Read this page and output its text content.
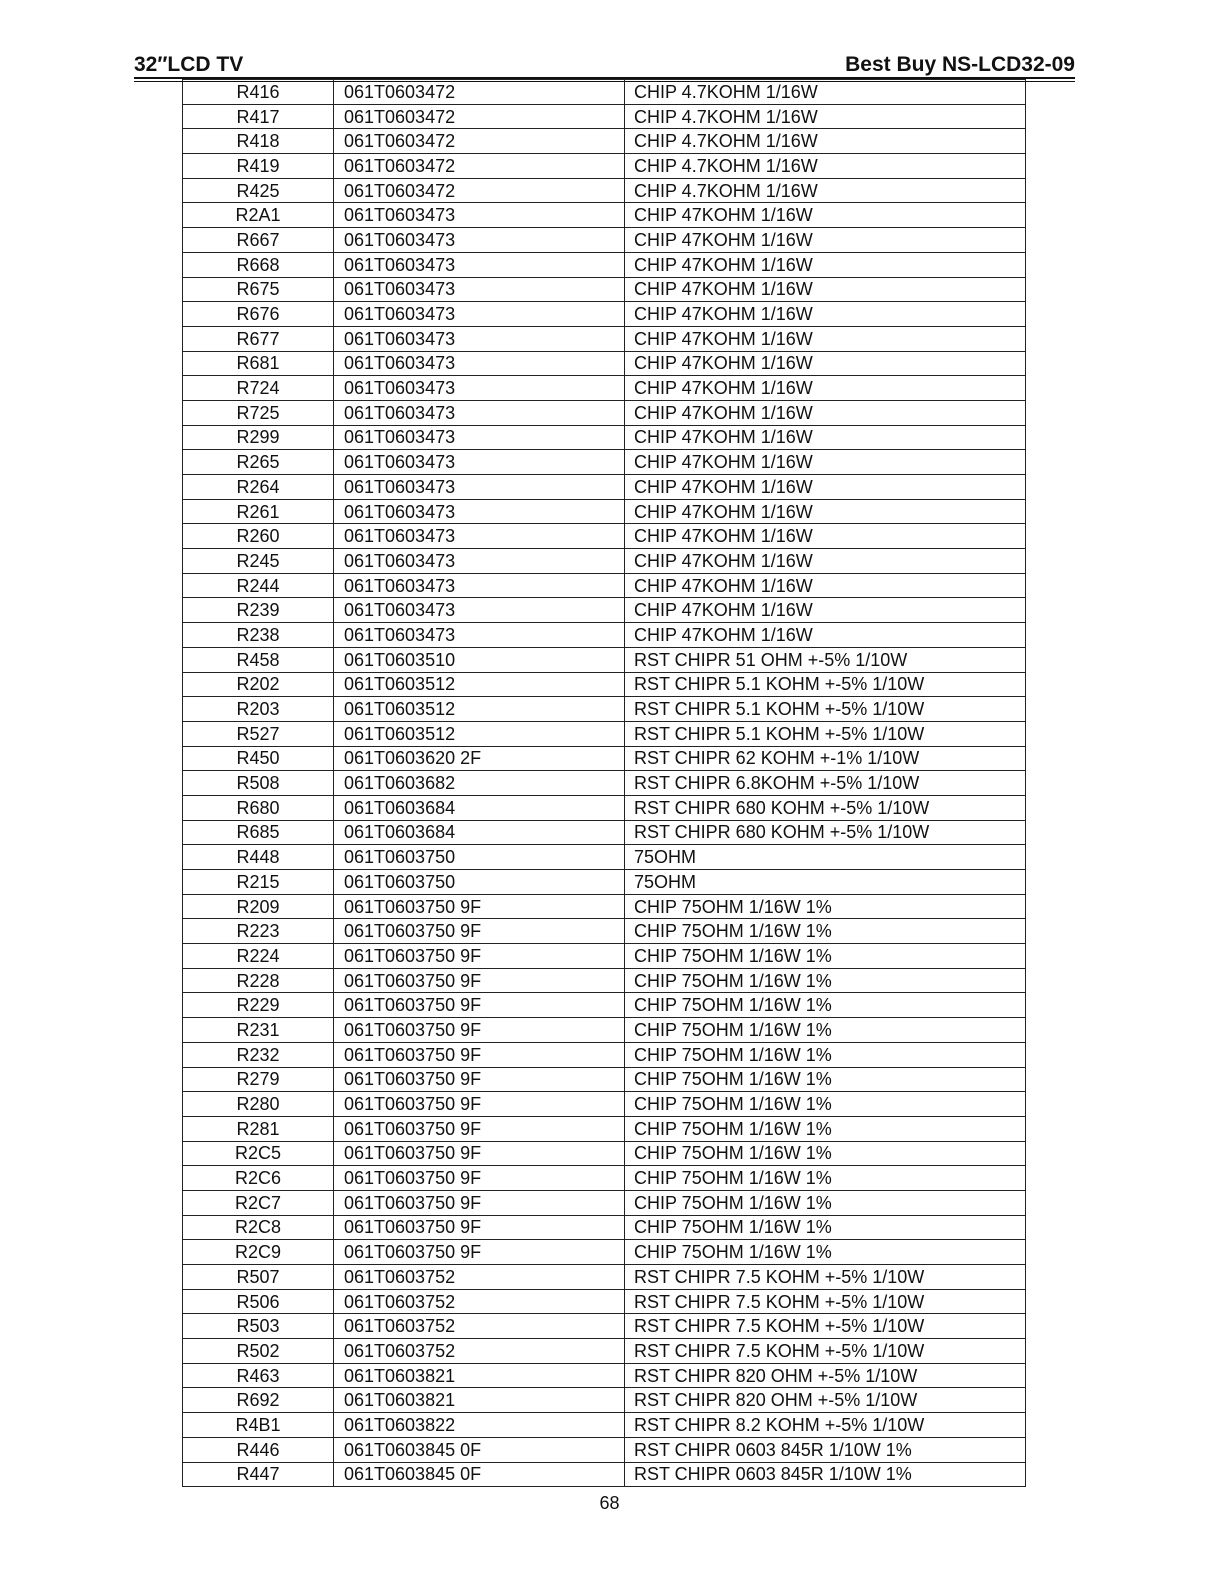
32″LCD TV	Best Buy NS-LCD32-09
R416	061T0603472	CHIP 4.7KOHM 1/16W
R417	061T0603472	CHIP 4.7KOHM 1/16W
R418	061T0603472	CHIP 4.7KOHM 1/16W
R419	061T0603472	CHIP 4.7KOHM 1/16W
R425	061T0603472	CHIP 4.7KOHM 1/16W
R2A1	061T0603473	CHIP 47KOHM 1/16W
R667	061T0603473	CHIP 47KOHM 1/16W
R668	061T0603473	CHIP 47KOHM 1/16W
R675	061T0603473	CHIP 47KOHM 1/16W
R676	061T0603473	CHIP 47KOHM 1/16W
R677	061T0603473	CHIP 47KOHM 1/16W
R681	061T0603473	CHIP 47KOHM 1/16W
R724	061T0603473	CHIP 47KOHM 1/16W
R725	061T0603473	CHIP 47KOHM 1/16W
R299	061T0603473	CHIP 47KOHM 1/16W
R265	061T0603473	CHIP 47KOHM 1/16W
R264	061T0603473	CHIP 47KOHM 1/16W
R261	061T0603473	CHIP 47KOHM 1/16W
R260	061T0603473	CHIP 47KOHM 1/16W
R245	061T0603473	CHIP 47KOHM 1/16W
R244	061T0603473	CHIP 47KOHM 1/16W
R239	061T0603473	CHIP 47KOHM 1/16W
R238	061T0603473	CHIP 47KOHM 1/16W
R458	061T0603510	RST CHIPR 51 OHM +-5% 1/10W
R202	061T0603512	RST CHIPR 5.1 KOHM +-5% 1/10W
R203	061T0603512	RST CHIPR 5.1 KOHM +-5% 1/10W
R527	061T0603512	RST CHIPR 5.1 KOHM +-5% 1/10W
R450	061T0603620 2F	RST CHIPR 62 KOHM +-1% 1/10W
R508	061T0603682	RST CHIPR 6.8KOHM +-5% 1/10W
R680	061T0603684	RST CHIPR 680 KOHM +-5% 1/10W
R685	061T0603684	RST CHIPR 680 KOHM +-5% 1/10W
R448	061T0603750	75OHM
R215	061T0603750	75OHM
R209	061T0603750 9F	CHIP 75OHM 1/16W 1%
R223	061T0603750 9F	CHIP 75OHM 1/16W 1%
R224	061T0603750 9F	CHIP 75OHM 1/16W 1%
R228	061T0603750 9F	CHIP 75OHM 1/16W 1%
R229	061T0603750 9F	CHIP 75OHM 1/16W 1%
R231	061T0603750 9F	CHIP 75OHM 1/16W 1%
R232	061T0603750 9F	CHIP 75OHM 1/16W 1%
R279	061T0603750 9F	CHIP 75OHM 1/16W 1%
R280	061T0603750 9F	CHIP 75OHM 1/16W 1%
R281	061T0603750 9F	CHIP 75OHM 1/16W 1%
R2C5	061T0603750 9F	CHIP 75OHM 1/16W 1%
R2C6	061T0603750 9F	CHIP 75OHM 1/16W 1%
R2C7	061T0603750 9F	CHIP 75OHM 1/16W 1%
R2C8	061T0603750 9F	CHIP 75OHM 1/16W 1%
R2C9	061T0603750 9F	CHIP 75OHM 1/16W 1%
R507	061T0603752	RST CHIPR 7.5 KOHM +-5% 1/10W
R506	061T0603752	RST CHIPR 7.5 KOHM +-5% 1/10W
R503	061T0603752	RST CHIPR 7.5 KOHM +-5% 1/10W
R502	061T0603752	RST CHIPR 7.5 KOHM +-5% 1/10W
R463	061T0603821	RST CHIPR 820 OHM +-5% 1/10W
R692	061T0603821	RST CHIPR 820 OHM +-5% 1/10W
R4B1	061T0603822	RST CHIPR 8.2 KOHM +-5% 1/10W
R446	061T0603845 0F	RST CHIPR 0603 845R 1/10W 1%
R447	061T0603845 0F	RST CHIPR 0603 845R 1/10W 1%
68
